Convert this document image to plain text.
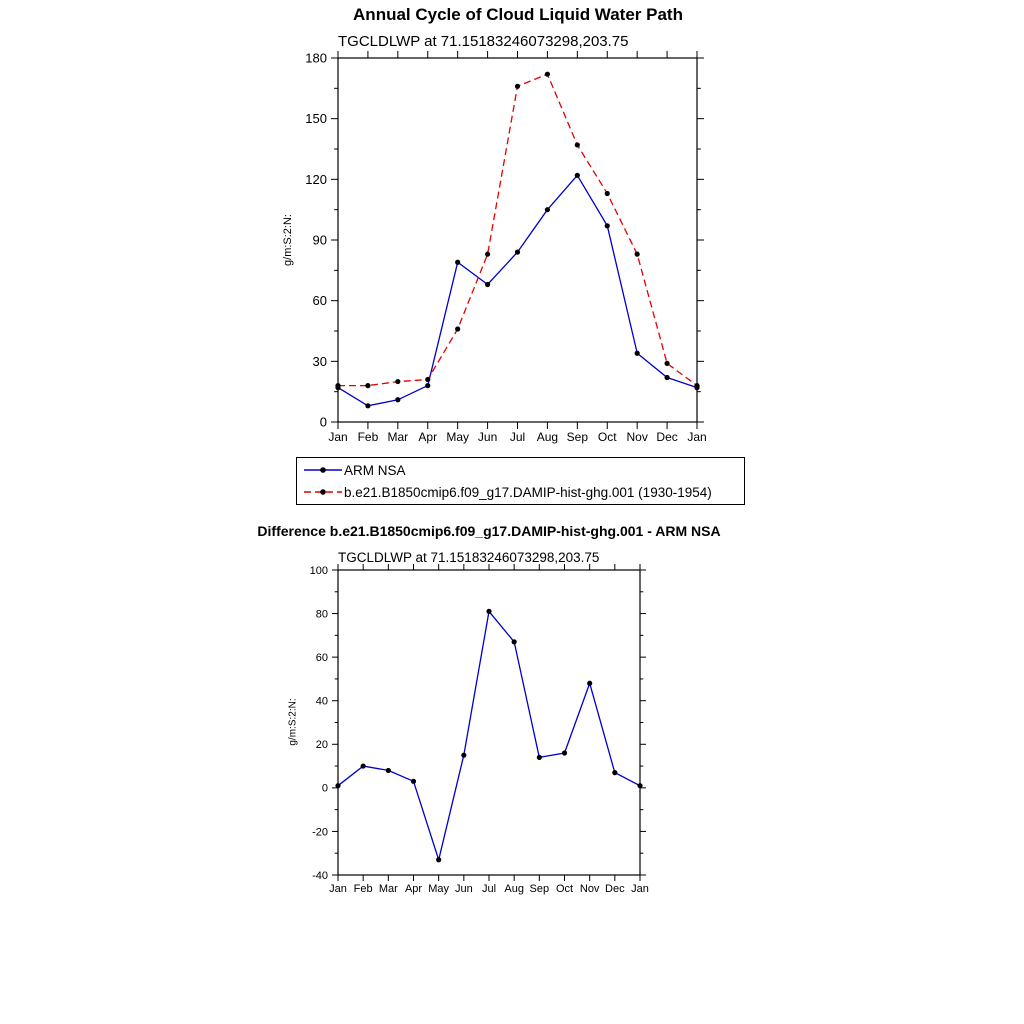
Annual Cycle of Cloud Liquid Water Path
TGCLDLWP at 71.15183246073298,203.75
g/m:S:2:N:
Difference b.e21.B1850cmip6.f09_g17.DAMIP-hist-ghg.001 - ARM NSA
TGCLDLWP at 71.15183246073298,203.75
g/m:S:2:N:
0
30
60
90
120
150
180
Jan Feb Mar Apr May Jun Jul Aug Sep Oct Nov Dec Jan
-40
-20
0
20
40
60
80
100
Jan Feb Mar Apr May Jun Jul Aug Sep Oct Nov Dec Jan
ARM NSA
b.e21.B1850cmip6.f09_g17.DAMIP-hist-ghg.001 (1930-1954)
